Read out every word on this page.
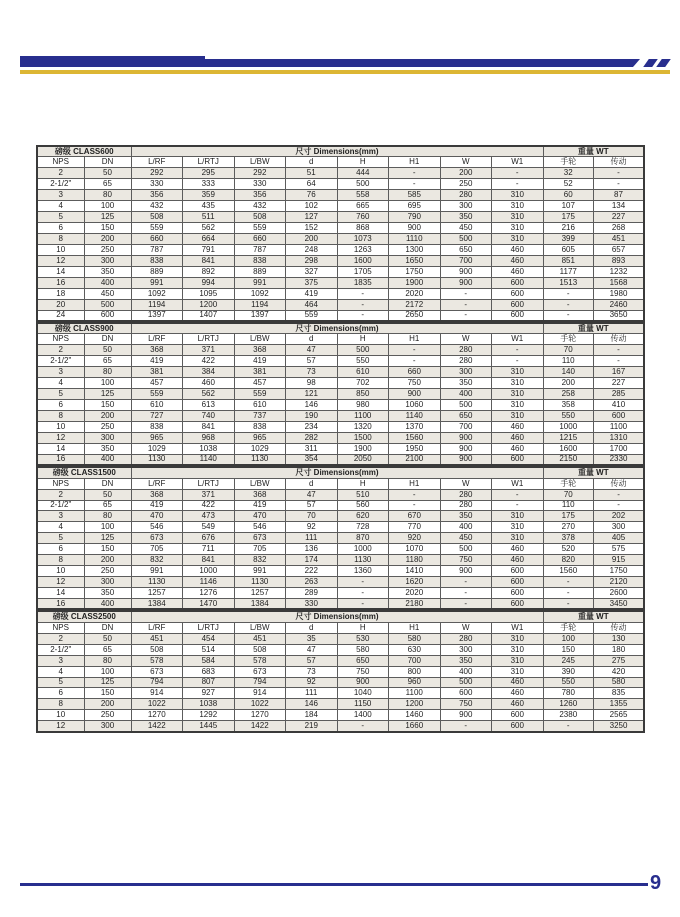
磅级 CLASS600		尺寸 Dimensions(mm)								重量 WT	
NPS	DN	L/RF	L/RTJ	L/BW	d	H	H1	W	W1	手轮	传动
2	50	292	295	292	51	444	-	200	-	32	-
2-1/2"	65	330	333	330	64	500	-	250	-	52	-
3	80	356	359	356	76	558	585	280	310	60	87
4	100	432	435	432	102	665	695	300	310	107	134
5	125	508	511	508	127	760	790	350	310	175	227
6	150	559	562	559	152	868	900	450	310	216	268
8	200	660	664	660	200	1073	1110	500	310	399	451
10	250	787	791	787	248	1263	1300	650	460	605	657
12	300	838	841	838	298	1600	1650	700	460	851	893
14	350	889	892	889	327	1705	1750	900	460	1177	1232
16	400	991	994	991	375	1835	1900	900	600	1513	1568
18	450	1092	1095	1092	419	-	2020	-	600	-	1980
20	500	1194	1200	1194	464	-	2172	-	600	-	2460
24	600	1397	1407	1397	559	-	2650	-	600	-	3650
磅级 CLASS900		尺寸 Dimensions(mm)								重量 WT	
NPS	DN	L/RF	L/RTJ	L/BW	d	H	H1	W	W1	手轮	传动
2	50	368	371	368	47	500	-	280	-	70	-
2-1/2"	65	419	422	419	57	550	-	280	-	110	-
3	80	381	384	381	73	610	660	300	310	140	167
4	100	457	460	457	98	702	750	350	310	200	227
5	125	559	562	559	121	850	900	400	310	258	285
6	150	610	613	610	146	980	1060	500	310	358	410
8	200	727	740	737	190	1100	1140	650	310	550	600
10	250	838	841	838	234	1320	1370	700	460	1000	1100
12	300	965	968	965	282	1500	1560	900	460	1215	1310
14	350	1029	1038	1029	311	1900	1950	900	460	1600	1700
16	400	1130	1140	1130	354	2050	2100	900	600	2150	2330
磅级 CLASS1500		尺寸 Dimensions(mm)								重量 WT	
NPS	DN	L/RF	L/RTJ	L/BW	d	H	H1	W	W1	手轮	传动
2	50	368	371	368	47	510	-	280	-	70	-
2-1/2"	65	419	422	419	57	560	-	280	-	110	-
3	80	470	473	470	70	620	670	350	310	175	202
4	100	546	549	546	92	728	770	400	310	270	300
5	125	673	676	673	111	870	920	450	310	378	405
6	150	705	711	705	136	1000	1070	500	460	520	575
8	200	832	841	832	174	1130	1180	750	460	820	915
10	250	991	1000	991	222	1360	1410	900	600	1560	1750
12	300	1130	1146	1130	263	-	1620	-	600	-	2120
14	350	1257	1276	1257	289	-	2020	-	600	-	2600
16	400	1384	1470	1384	330	-	2180	-	600	-	3450
磅级 CLASS2500		尺寸 Dimensions(mm)								重量 WT	
NPS	DN	L/RF	L/RTJ	L/BW	d	H	H1	W	W1	手轮	传动
2	50	451	454	451	35	530	580	280	310	100	130
2-1/2"	65	508	514	508	47	580	630	300	310	150	180
3	80	578	584	578	57	650	700	350	310	245	275
4	100	673	683	673	73	750	800	400	310	390	420
5	125	794	807	794	92	900	960	500	460	550	580
6	150	914	927	914	111	1040	1100	600	460	780	835
8	200	1022	1038	1022	146	1150	1200	750	460	1260	1355
10	250	1270	1292	1270	184	1400	1460	900	600	2380	2565
12	300	1422	1445	1422	219	-	1660	-	600	-	3250
9
